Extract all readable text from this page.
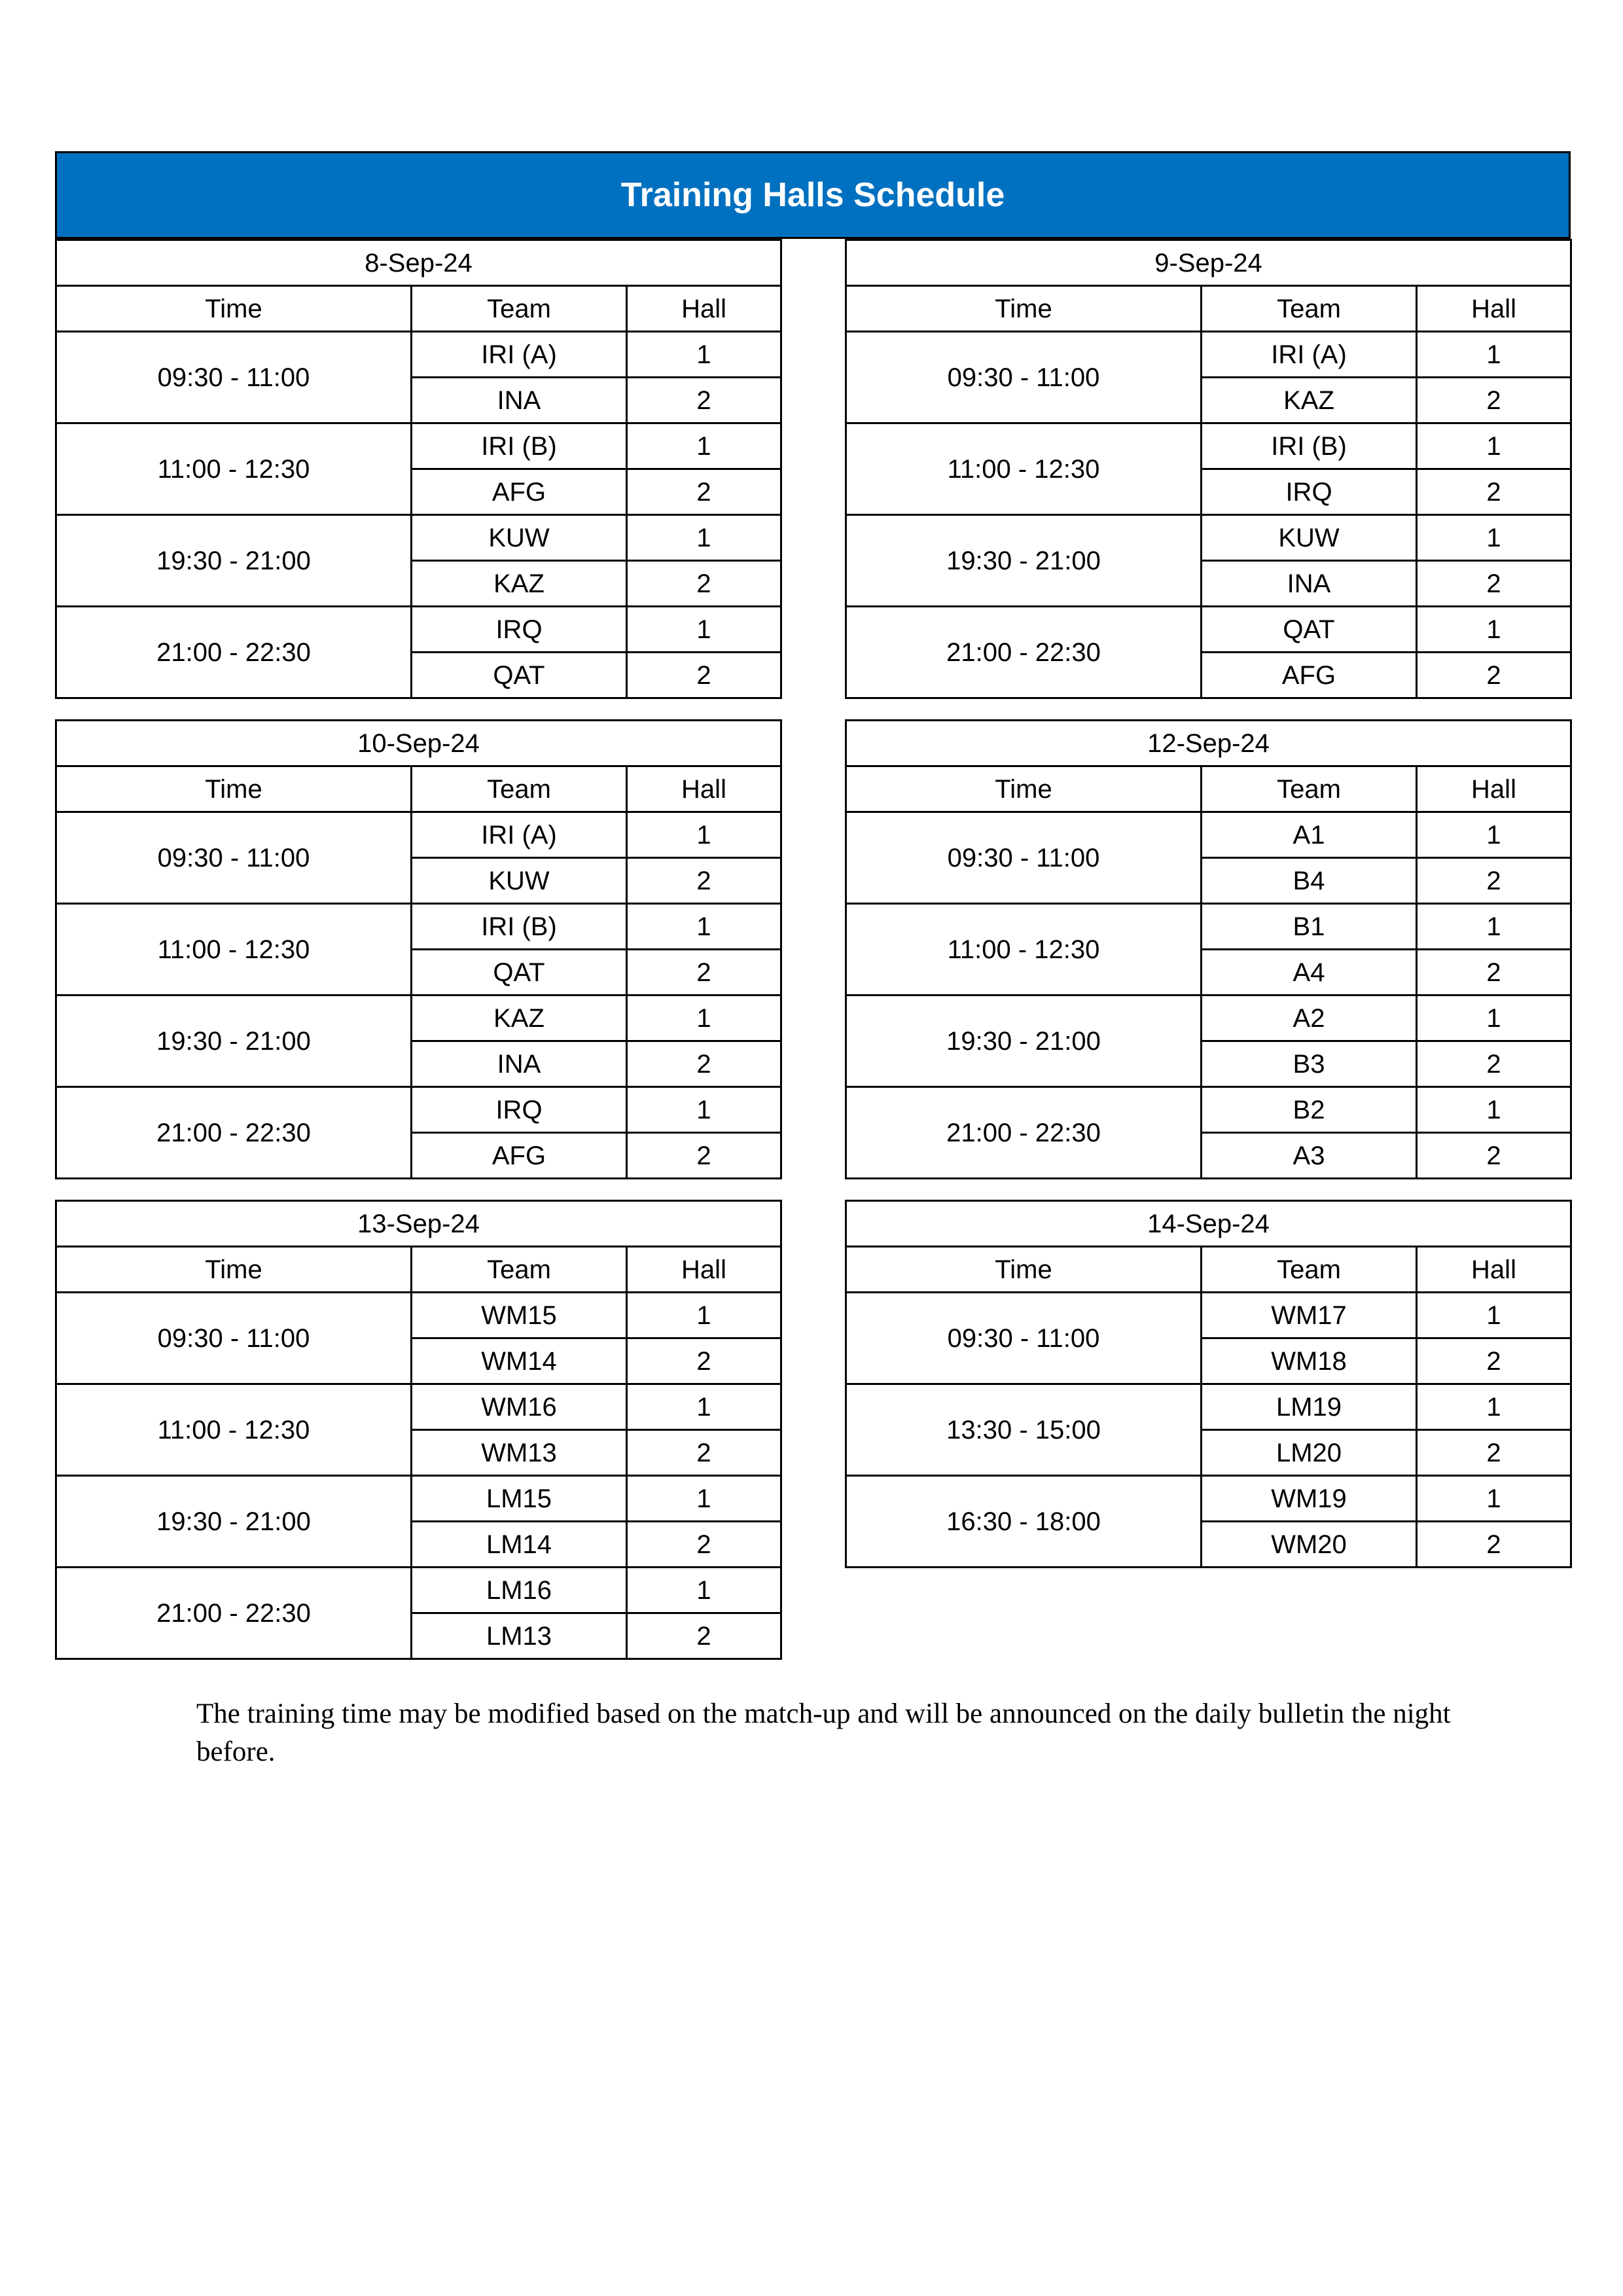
Training Halls Schedule
8-Sep-24		
Time	Team	Hall
09:30 - 11:00	IRI (A)	1
	INA	2
11:00 - 12:30	IRI (B)	1
	AFG	2
19:30 - 21:00	KUW	1
	KAZ	2
21:00 - 22:30	IRQ	1
	QAT	2
9-Sep-24		
Time	Team	Hall
09:30 - 11:00	IRI (A)	1
	KAZ	2
11:00 - 12:30	IRI (B)	1
	IRQ	2
19:30 - 21:00	KUW	1
	INA	2
21:00 - 22:30	QAT	1
	AFG	2
10-Sep-24		
Time	Team	Hall
09:30 - 11:00	IRI (A)	1
	KUW	2
11:00 - 12:30	IRI (B)	1
	QAT	2
19:30 - 21:00	KAZ	1
	INA	2
21:00 - 22:30	IRQ	1
	AFG	2
12-Sep-24		
Time	Team	Hall
09:30 - 11:00	A1	1
	B4	2
11:00 - 12:30	B1	1
	A4	2
19:30 - 21:00	A2	1
	B3	2
21:00 - 22:30	B2	1
	A3	2
13-Sep-24		
Time	Team	Hall
09:30 - 11:00	WM15	1
	WM14	2
11:00 - 12:30	WM16	1
	WM13	2
19:30 - 21:00	LM15	1
	LM14	2
21:00 - 22:30	LM16	1
	LM13	2
14-Sep-24		
Time	Team	Hall
09:30 - 11:00	WM17	1
	WM18	2
13:30 - 15:00	LM19	1
	LM20	2
16:30 - 18:00	WM19	1
	WM20	2

The training time may be modified based on the match-up and will be announced on the daily bulletin the night before.
